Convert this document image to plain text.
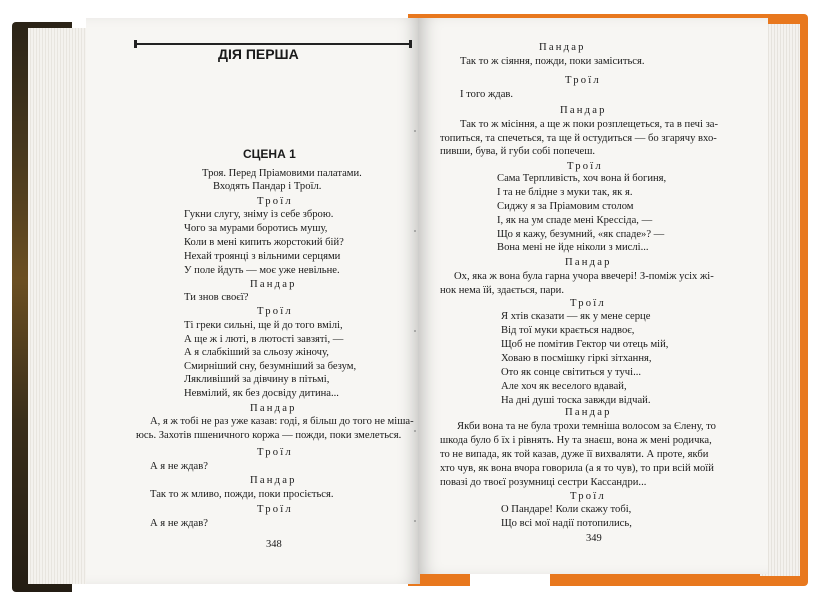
ДІЯ ПЕРША
СЦЕНА 1
Троя. Перед Пріамовими палатами.
Входять Пандар і Троїл.
Троїл
Гукни слугу, зніму із себе зброю.
Чого за мурами боротись мушу,
Коли в мені кипить жорстокий бій?
Нехай троянці з вільними серцями
У поле йдуть — моє уже невільне.
Пандар
Ти знов своєї?
Троїл
Ті греки сильні, ще й до того вмілі,
А ще ж і люті, в лютості завзяті, —
А я слабкіший за сльозу жіночу,
Смирніший сну, безумніший за безум,
Лякливіший за дівчину в пітьмі,
Невмілий, як без досвіду дитина...
Пандар
А, я ж тобі не раз уже казав: годі, я більш до того не міша-
юсь. Захотів пшеничного коржа — пожди, поки змелеться.
Троїл
А я не ждав?
Пандар
Так то ж мливо, пожди, поки просіється.
Троїл
А я не ждав?
348
Пандар
Так то ж сіяння, пожди, поки заміситься.
Троїл
І того ждав.
Пандар
Так то ж місіння, а ще ж поки розплещеться, та в печі за-
топиться, та спечеться, та ще й остудиться — бо згарячу вхо-
пивши, бува, й губи собі попечеш.
Троїл
Сама Терпливість, хоч вона й богиня,
І та не блідне з муки так, як я.
Сиджу я за Пріамовим столом
І, як на ум спаде мені Крессіда, —
Що я кажу, безумний, «як спаде»? —
Вона мені не йде ніколи з мислі...
Пандар
Ох, яка ж вона була гарна учора ввечері! З-поміж усіх жі-
нок нема їй, здається, пари.
Троїл
Я хтів сказати — як у мене серце
Від тої муки крається надвоє,
Щоб не помітив Гектор чи отець мій,
Ховаю в посмішку гіркі зітхання,
Ото як сонце світиться у тучі...
Але хоч як веселого вдавай,
На дні душі тоска завжди відчай.
Пандар
Якби вона та не була трохи темніша волосом за Єлену, то
шкода було б їх і рівнять. Ну та знаєш, вона ж мені родичка,
то не випада, як той казав, дуже її вихваляти. А проте, якби
хто чув, як вона вчора говорила (а я то чув), то при всій моїй
повазі до твоєї розумниці сестри Кассандри...
Троїл
О Пандаре! Коли скажу тобі,
Що всі мої надії потопились,
349
